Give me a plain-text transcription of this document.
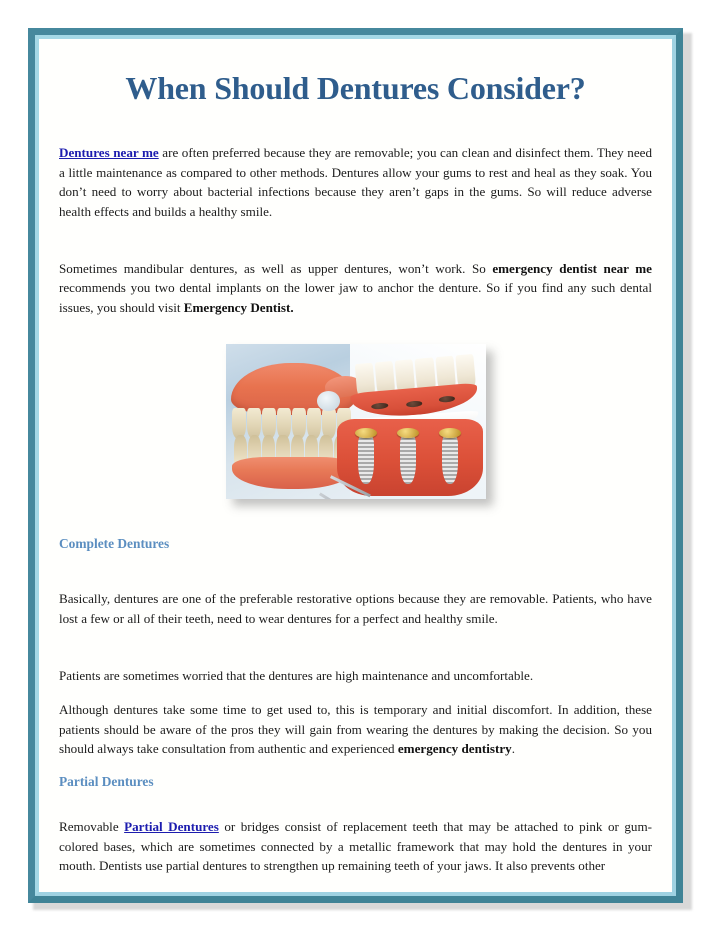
When Should Dentures Consider?

Dentures near me are often preferred because they are removable; you can clean and disinfect them. They need a little maintenance as compared to other methods. Dentures allow your gums to rest and heal as they soak. You don’t need to worry about bacterial infections because they aren’t gaps in the gums. So will reduce adverse health effects and builds a healthy smile.

Sometimes mandibular dentures, as well as upper dentures, won’t work. So emergency dentist near me recommends you two dental implants on the lower jaw to anchor the denture. So if you find any such dental issues, you should visit Emergency Dentist.

Complete Dentures

Basically, dentures are one of the preferable restorative options because they are removable. Patients, who have lost a few or all of their teeth, need to wear dentures for a perfect and healthy smile.

Patients are sometimes worried that the dentures are high maintenance and uncomfortable.

Although dentures take some time to get used to, this is temporary and initial discomfort. In addition, these patients should be aware of the pros they will gain from wearing the dentures by making the decision. So you should always take consultation from authentic and experienced emergency dentistry.

Partial Dentures

Removable Partial Dentures or bridges consist of replacement teeth that may be attached to pink or gum-colored bases, which are sometimes connected by a metallic framework that may hold the dentures in your mouth. Dentists use partial dentures to strengthen up remaining teeth of your jaws. It also prevents other
